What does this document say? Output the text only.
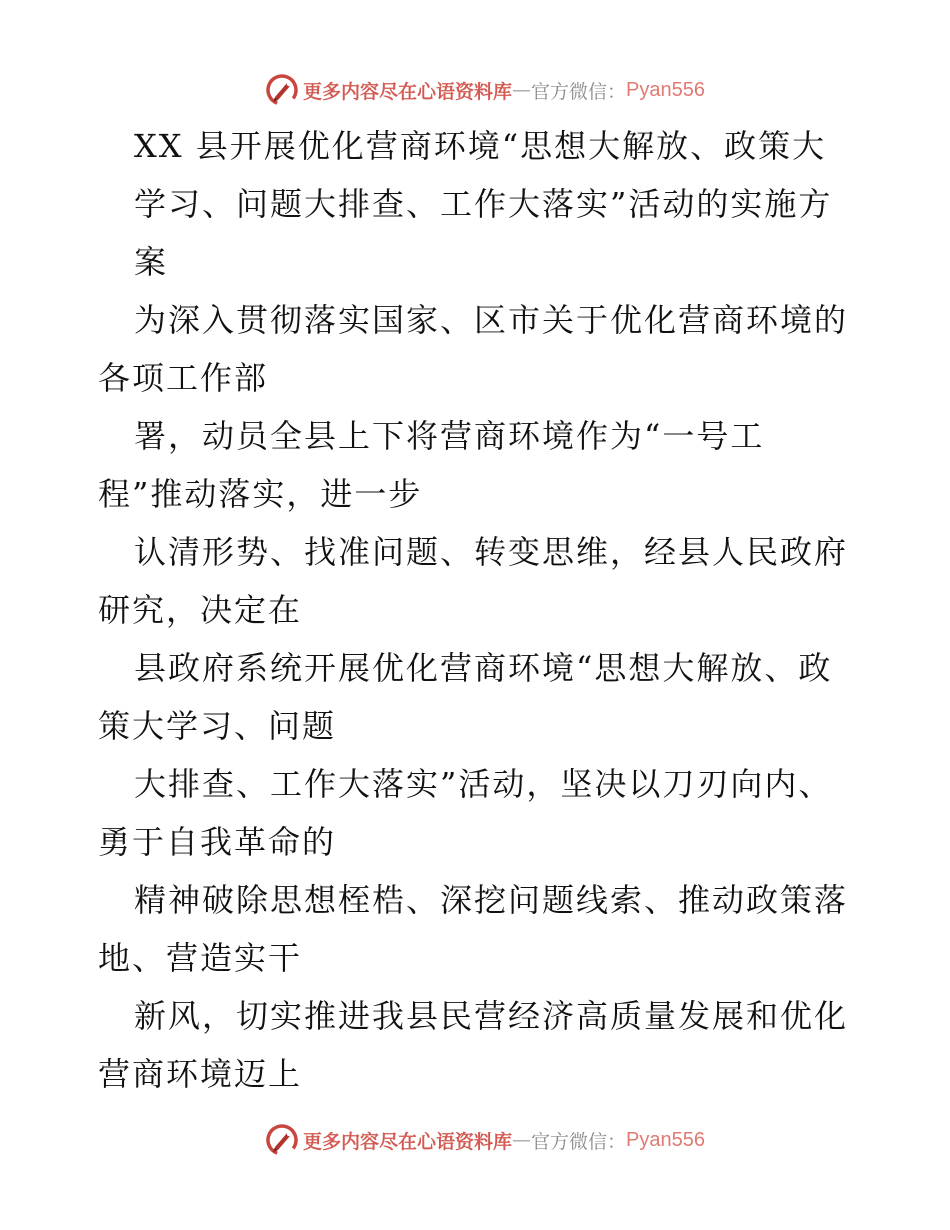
更多内容尽在心语资料库 — 官方微信： Pyan556
XX 县开展优化营商环境“思想大解放、政策大
学习、问题大排查、工作大落实”活动的实施方
案
为深入贯彻落实国家、区市关于优化营商环境的
各项工作部
署，动员全县上下将营商环境作为“一号工
程”推动落实，进一步
认清形势、找准问题、转变思维，经县人民政府
研究，决定在
县政府系统开展优化营商环境“思想大解放、政
策大学习、问题
大排查、工作大落实”活动，坚决以刀刃向内、
勇于自我革命的
精神破除思想桎梏、深挖问题线索、推动政策落
地、营造实干
新风，切实推进我县民营经济高质量发展和优化
营商环境迈上
更多内容尽在心语资料库 — 官方微信： Pyan556
